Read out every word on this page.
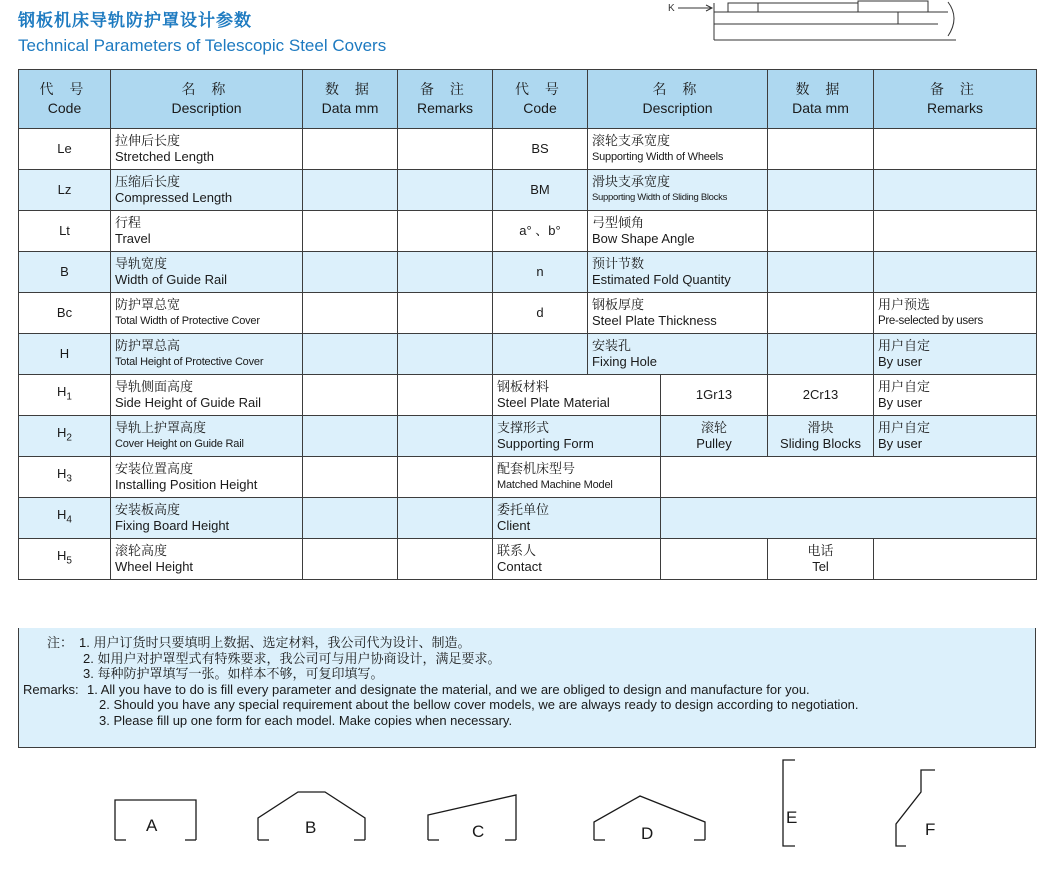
钢板机床导轨防护罩设计参数
Technical Parameters of Telescopic Steel Covers
K
代 号
Code	名 称
Description	数 据
Data mm	备 注
Remarks	代 号
Code	名 称
Description		数 据
Data mm	备 注
Remarks

Le	拉伸后长度
Stretched Length			BS	滚轮支承宽度
Supporting Width of Wheels			

Lz	压缩后长度
Compressed Length			BM	滑块支承宽度
Supporting Width of Sliding Blocks			

Lt	行程
Travel			a° 、b°	弓型倾角
Bow Shape Angle			

B	导轨宽度
Width of Guide Rail			n	预计节数
Estimated Fold Quantity			

Bc	防护罩总宽
Total Width of Protective Cover			d	钢板厚度
Steel Plate Thickness			用户预选
Pre-selected by users

H	防护罩总高
Total Height of Protective Cover				安装孔
Fixing Hole			用户自定
By user

$H_1$	导轨侧面高度
Side Height of Guide Rail			钢板材料
Steel Plate Material		1Gr13	2Cr13	用户自定
By user

$H_2$	导轨上护罩高度
Cover Height on Guide Rail			支撑形式
Supporting Form		滚轮
Pulley	滑块
Sliding Blocks	用户自定
By user

$H_3$	安装位置高度
Installing Position Height			配套机床型号
Matched Machine Model				

$H_4$	安装板高度
Fixing Board Height			委托单位
Client				

$H_5$	滚轮高度
Wheel Height			联系人
Contact			电话
Tel	

注： 1. 用户订货时只要填明上数据、选定材料，我公司代为设计、制造。
2. 如用户对护罩型式有特殊要求，我公司可与用户协商设计，满足要求。
3. 每种防护罩填写一张。如样本不够，可复印填写。
Remarks: 1. All you have to do is fill every parameter and designate the material, and we are obliged to design and manufacture for you.
2. Should you have any special requirement about the bellow cover models, we are always ready to design according to negotiation.
3. Please fill up one form for each model. Make copies when necessary.
A	B	C	D
E
F
